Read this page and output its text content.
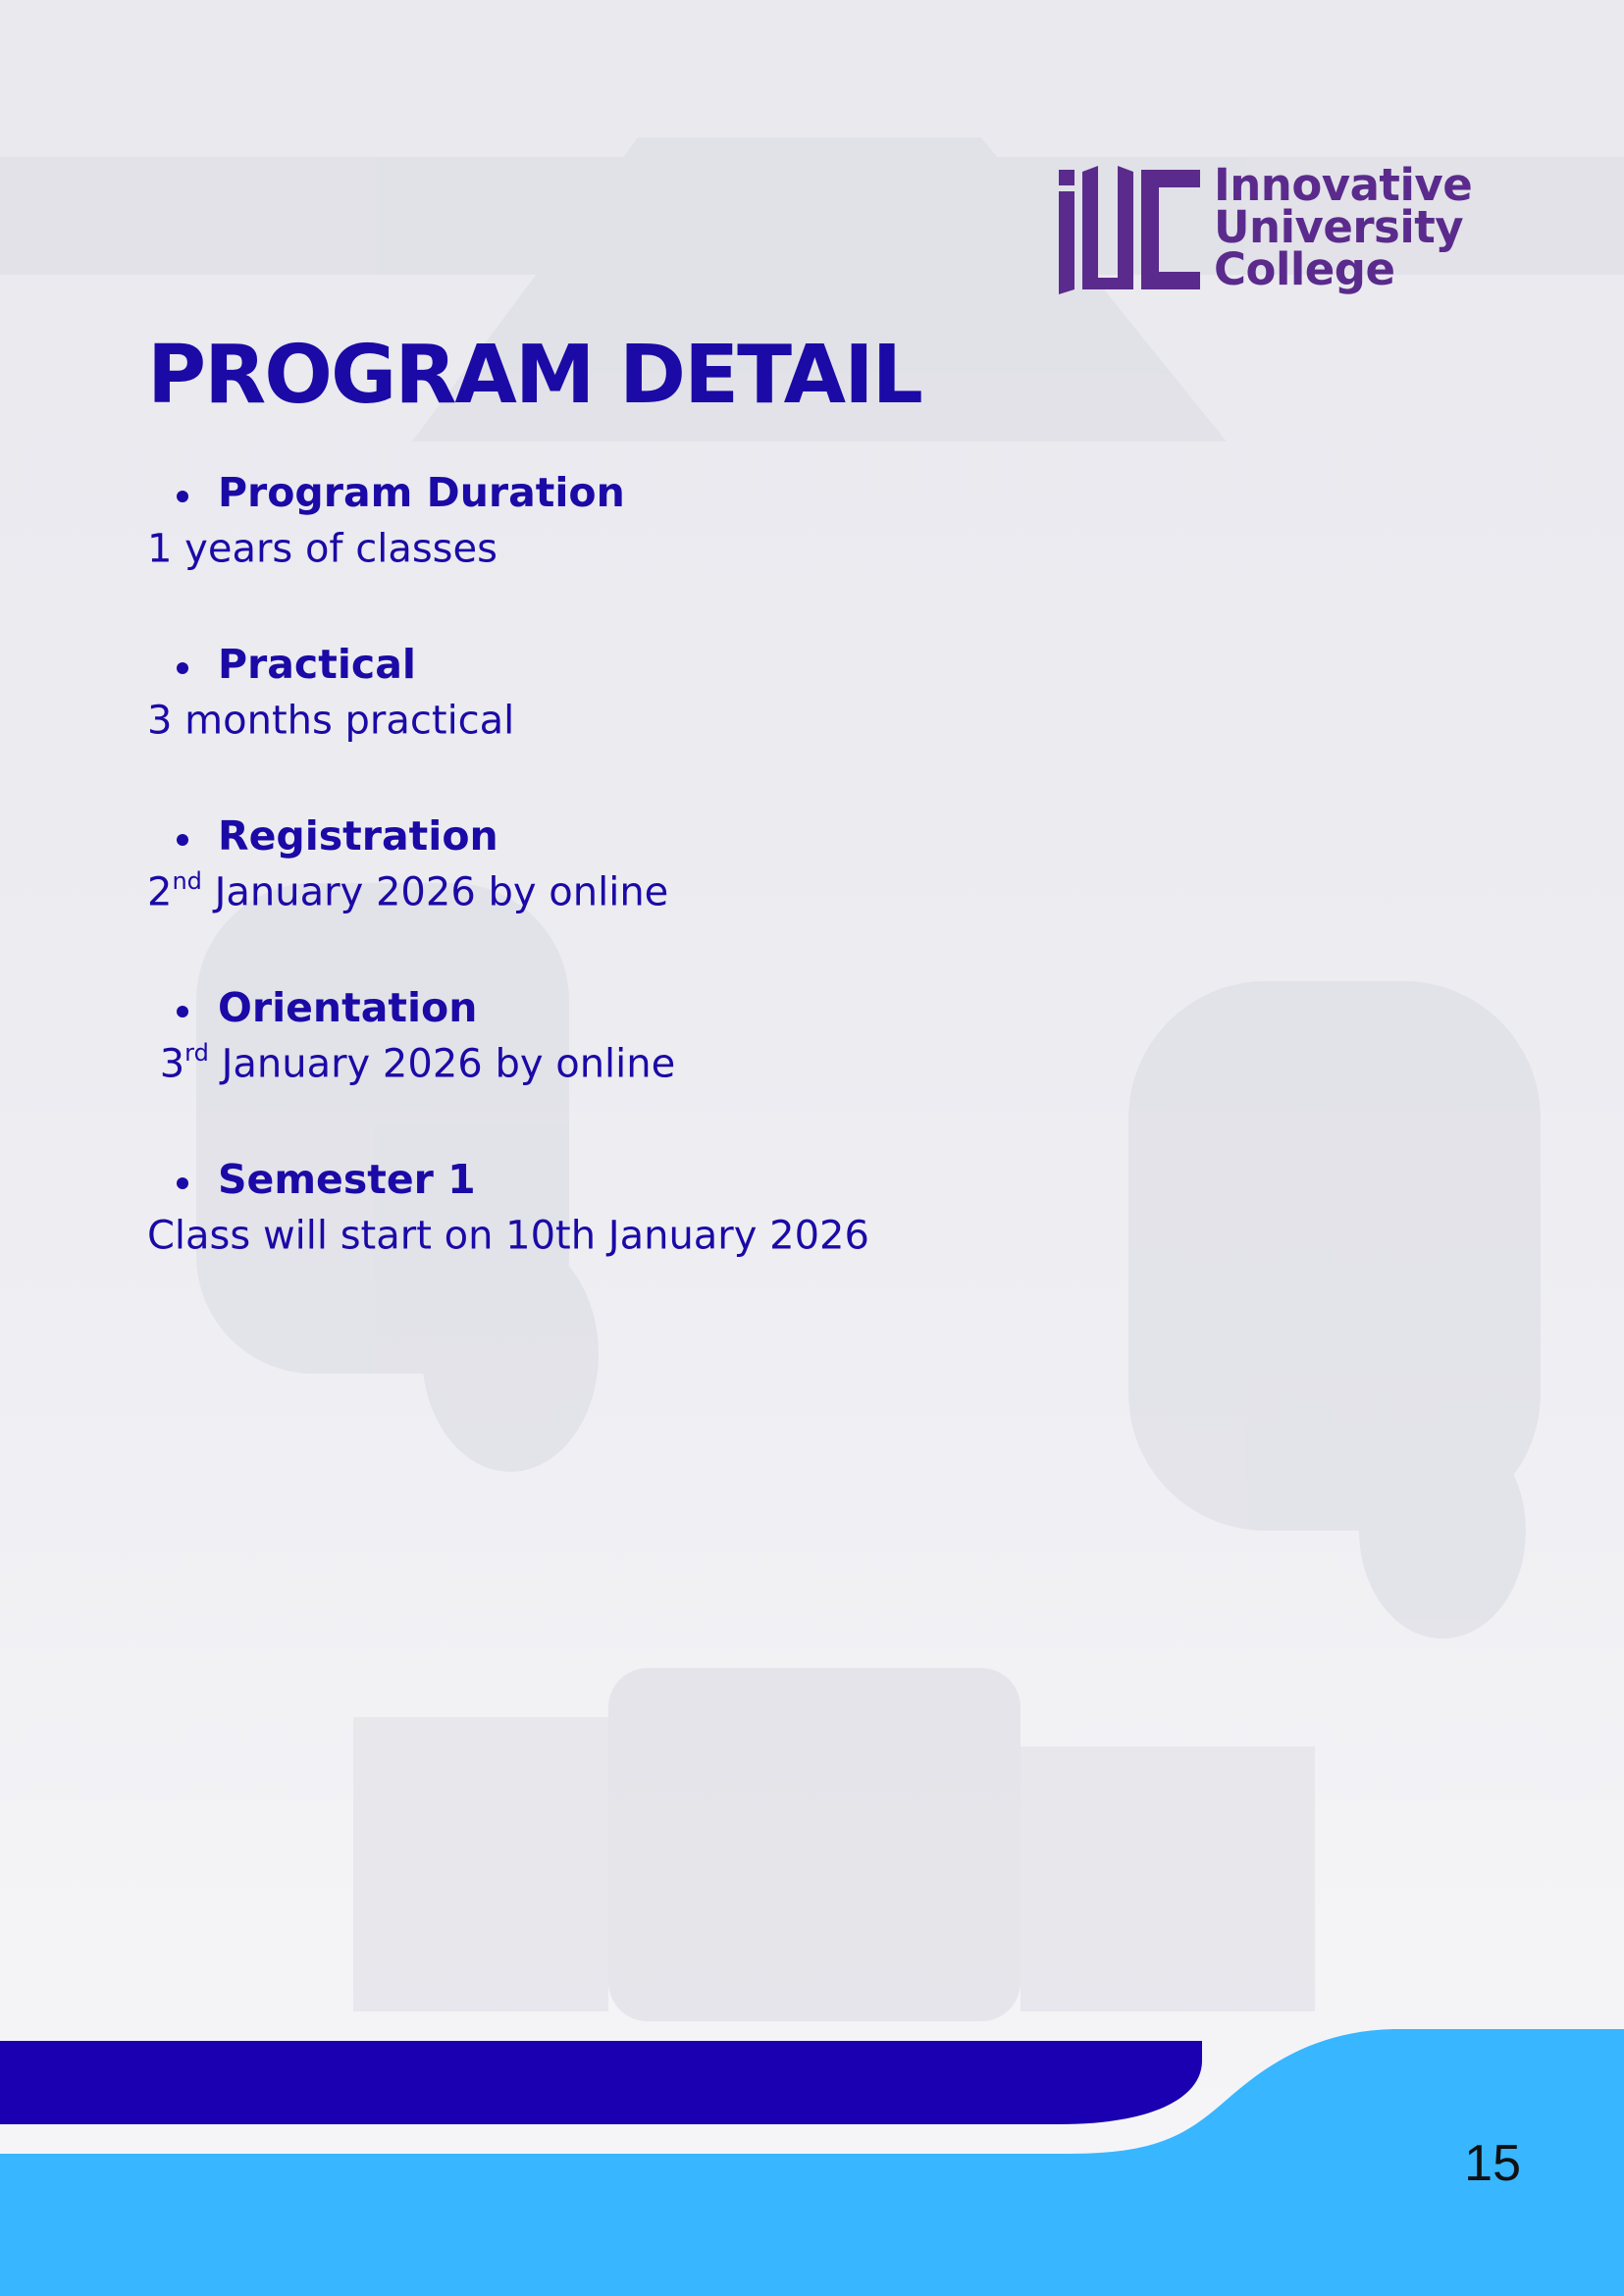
Innovative
University
College
PROGRAM DETAIL
Program Duration
1 years of classes
Practical
3 months practical
Registration
2nd January 2026 by online
Orientation
3rd January 2026 by online
Semester 1
Class will start on 10th January 2026
15
